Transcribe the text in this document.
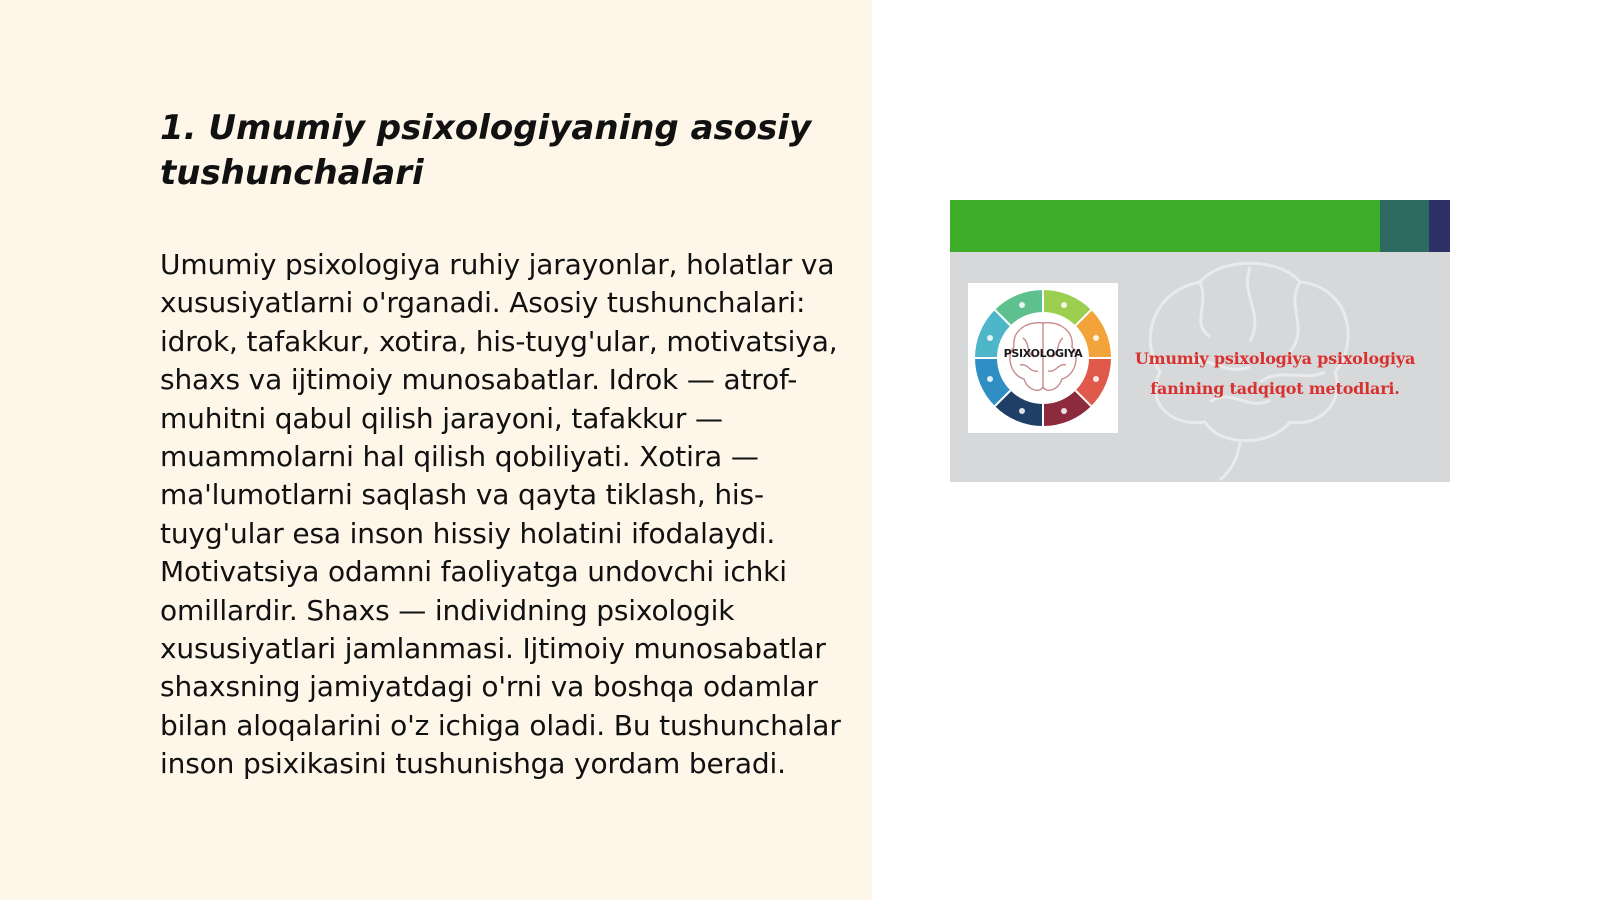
1. Umumiy psixologiyaning asosiy tushunchalari

Umumiy psixologiya ruhiy jarayonlar, holatlar va xususiyatlarni o'rganadi. Asosiy tushunchalari: idrok, tafakkur, xotira, his-tuyg'ular, motivatsiya, shaxs va ijtimoiy munosabatlar. Idrok — atrof-muhitni qabul qilish jarayoni, tafakkur — muammolarni hal qilish qobiliyati. Xotira — ma'lumotlarni saqlash va qayta tiklash, his-tuyg'ular esa inson hissiy holatini ifodalaydi. Motivatsiya odamni faoliyatga undovchi ichki omillardir. Shaxs — individning psixologik xususiyatlari jamlanmasi. Ijtimoiy munosabatlar shaxsning jamiyatdagi o'rni va boshqa odamlar bilan aloqalarini o'z ichiga oladi. Bu tushunchalar inson psixikasini tushunishga yordam beradi.

PSIXOLOGIYA	Umumiy psixologiya psixologiya
fanining tadqiqot metodlari.
